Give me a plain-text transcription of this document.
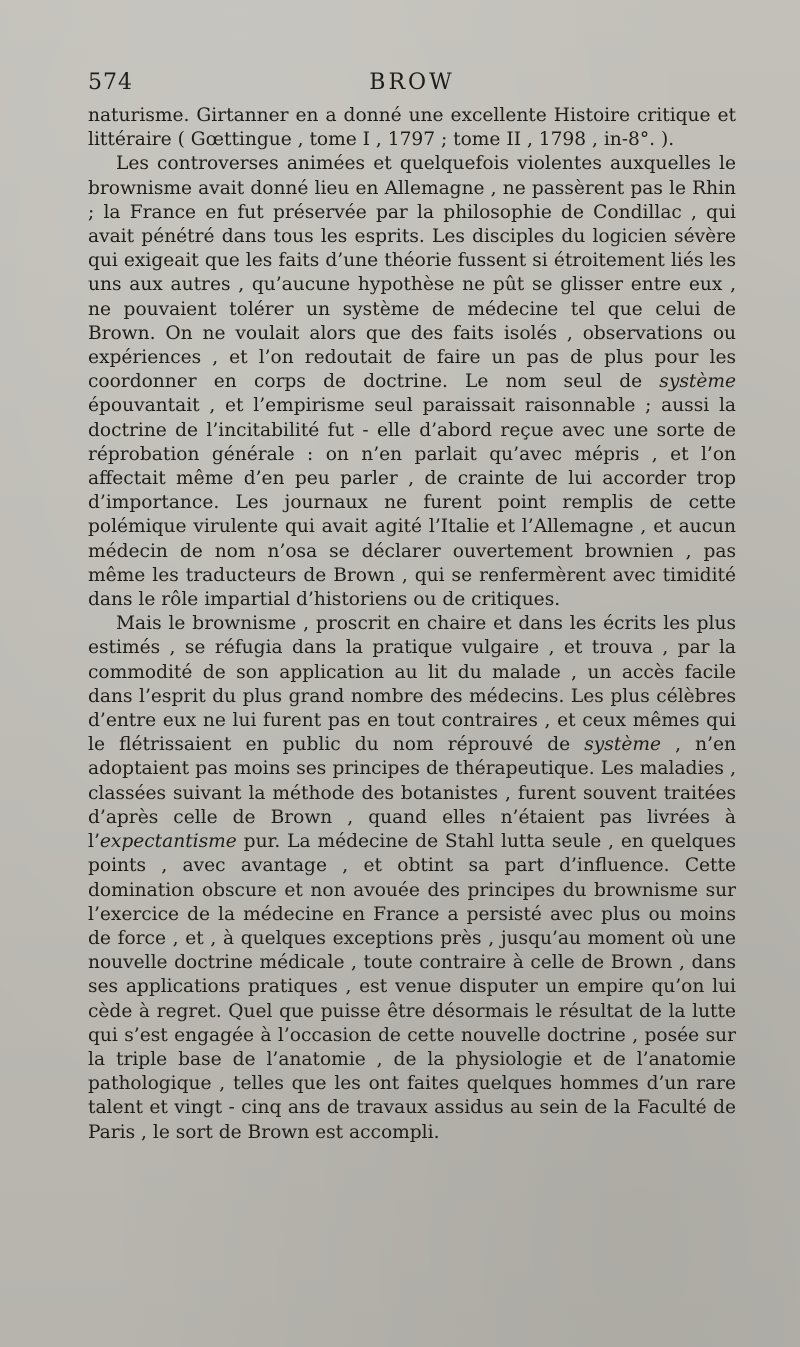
574	BROW

naturisme. Girtanner en a donné une excellente Histoire critique et littéraire ( Gœttingue , tome I , 1797 ; tome II , 1798 , in-8°. ).

Les controverses animées et quelquefois violentes auxquelles le brownisme avait donné lieu en Allemagne , ne passèrent pas le Rhin ; la France en fut préservée par la philosophie de Condillac , qui avait pénétré dans tous les esprits. Les disciples du logicien sévère qui exigeait que les faits d’une théorie fussent si étroitement liés les uns aux autres , qu’aucune hypothèse ne pût se glisser entre eux , ne pouvaient tolérer un système de médecine tel que celui de Brown. On ne voulait alors que des faits isolés , observations ou expériences , et l’on redoutait de faire un pas de plus pour les coordonner en corps de doctrine. Le nom seul de système épouvantait , et l’empirisme seul paraissait raisonnable ; aussi la doctrine de l’incitabilité fut - elle d’abord reçue avec une sorte de réprobation générale : on n’en parlait qu’avec mépris , et l’on affectait même d’en peu parler , de crainte de lui accorder trop d’importance. Les journaux ne furent point remplis de cette polémique virulente qui avait agité l’Italie et l’Allemagne , et aucun médecin de nom n’osa se déclarer ouvertement brownien , pas même les traducteurs de Brown , qui se renfermèrent avec timidité dans le rôle impartial d’historiens ou de critiques.

Mais le brownisme , proscrit en chaire et dans les écrits les plus estimés , se réfugia dans la pratique vulgaire , et trouva , par la commodité de son application au lit du malade , un accès facile dans l’esprit du plus grand nombre des médecins. Les plus célèbres d’entre eux ne lui furent pas en tout contraires , et ceux mêmes qui le flétrissaient en public du nom réprouvé de système , n’en adoptaient pas moins ses principes de thérapeutique. Les maladies , classées suivant la méthode des botanistes , furent souvent traitées d’après celle de Brown , quand elles n’étaient pas livrées à l’expectantisme pur. La médecine de Stahl lutta seule , en quelques points , avec avantage , et obtint sa part d’influence. Cette domination obscure et non avouée des principes du brownisme sur l’exercice de la médecine en France a persisté avec plus ou moins de force , et , à quelques exceptions près , jusqu’au moment où une nouvelle doctrine médicale , toute contraire à celle de Brown , dans ses applications pratiques , est venue disputer un empire qu’on lui cède à regret. Quel que puisse être désormais le résultat de la lutte qui s’est engagée à l’occasion de cette nouvelle doctrine , posée sur la triple base de l’anatomie , de la physiologie et de l’anatomie pathologique , telles que les ont faites quelques hommes d’un rare talent et vingt - cinq ans de travaux assidus au sein de la Faculté de Paris , le sort de Brown est accompli.
